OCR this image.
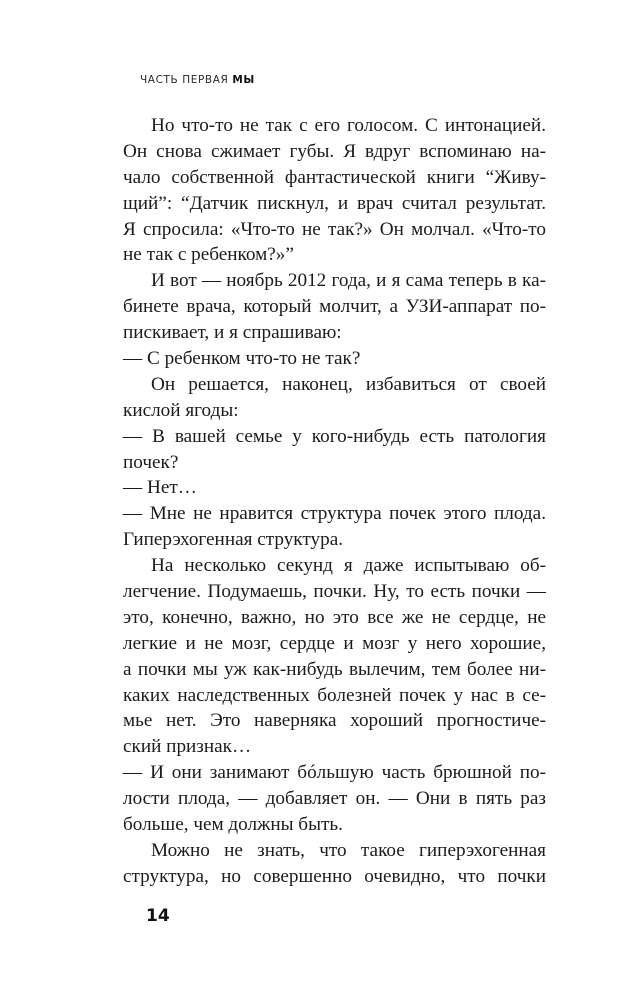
ЧАСТЬ ПЕРВАЯ МЫ
Но что-то не так с его голосом. С интонацией.
Он снова сжимает губы. Я вдруг вспоминаю на-
чало собственной фантастической книги “Живу-
щий”: “Датчик пискнул, и врач считал результат.
Я спросила: «Что-то не так?» Он молчал. «Что-то
не так с ребенком?»”
И вот — ноябрь 2012 года, и я сама теперь в ка-
бинете врача, который молчит, а УЗИ-аппарат по-
пискивает, и я спрашиваю:
— С ребенком что-то не так?
Он решается, наконец, избавиться от своей
кислой ягоды:
— В вашей семье у кого-нибудь есть патология
почек?
— Нет…
— Мне не нравится структура почек этого плода.
Гиперэхогенная структура.
На несколько секунд я даже испытываю об-
легчение. Подумаешь, почки. Ну, то есть почки —
это, конечно, важно, но это все же не сердце, не
легкие и не мозг, сердце и мозг у него хорошие,
а почки мы уж как-нибудь вылечим, тем более ни-
каких наследственных болезней почек у нас в се-
мье нет. Это наверняка хороший прогностиче-
ский признак…
— И они занимают бóльшую часть брюшной по-
лости плода, — добавляет он. — Они в пять раз
больше, чем должны быть.
Можно не знать, что такое гиперэхогенная
структура, но совершенно очевидно, что почки
14
